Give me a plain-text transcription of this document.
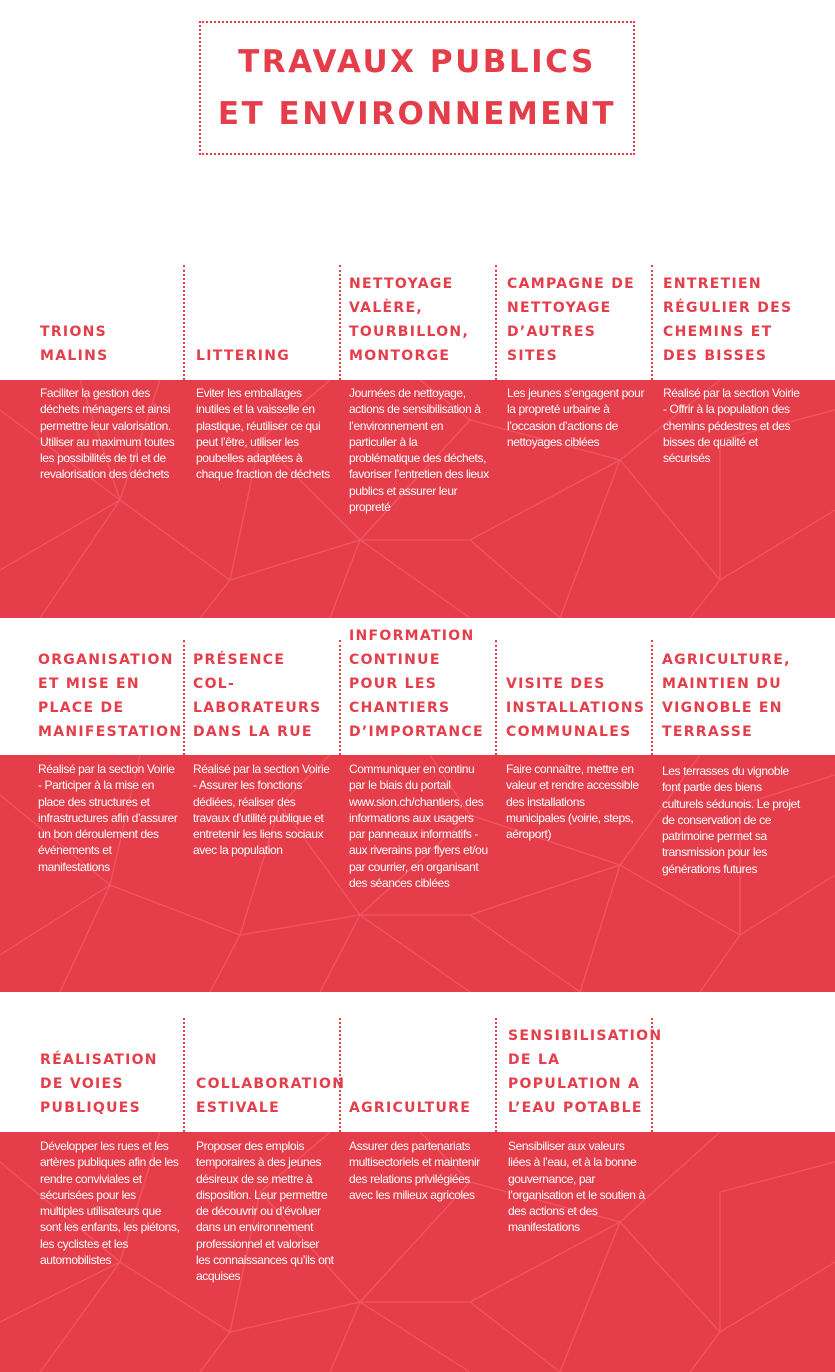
TRAVAUX PUBLICS
ET ENVIRONNEMENT
TRIONS MALINS	LITTERING
NETTOYAGE VALÈRE, TOURBILLON, MONTORGE
CAMPAGNE DE NETTOYAGE D’AUTRES SITES
ENTRETIEN RÉGULIER DES CHEMINS ET DES BISSES
Faciliter la gestion des déchets ménagers et ainsi permettre leur valorisation. Utiliser au maximum toutes les possibilités de tri et de revalorisation des déchets
Eviter les emballages inutiles et la vaisselle en plastique, réutiliser ce qui peut l’être, utiliser les poubelles adaptées à chaque fraction de déchets
Journées de nettoyage, actions de sensibilisation à l’environnement en particulier à la problématique des déchets, favoriser l’entretien des lieux publics et assurer leur propreté
Les jeunes s’engagent pour la propreté urbaine à l’occasion d’actions de nettoyages ciblées
Réalisé par la section Voirie - Offrir à la population des chemins pédestres et des bisses de qualité et sécurisés
ORGANISATION ET MISE EN PLACE DE MANIFESTATION
PRÉSENCE COL- LABORATEURS DANS LA RUE
INFORMATION CONTINUE POUR LES CHANTIERS D’IMPORTANCE
VISITE DES INSTALLATIONS COMMUNALES
AGRICULTURE, MAINTIEN DU VIGNOBLE EN TERRASSE
Réalisé par la section Voirie - Participer à la mise en place des structures et infrastructures afin d’assurer un bon déroulement des événements et manifestations
Réalisé par la section Voirie - Assurer les fonctions dédiées, réaliser des travaux d’utilité publique et entretenir les liens sociaux avec la population
Communiquer en continu par le biais du portail www.sion.ch/chantiers, des informations aux usagers par panneaux informatifs - aux riverains par flyers et/ou par courrier, en organisant des séances ciblées
Faire connaître, mettre en valeur et rendre accessible des installations municipales (voirie, steps, aéroport)
Les terrasses du vignoble font partie des biens culturels sédunois. Le projet de conservation de ce patrimoine permet sa transmission pour les générations futures
RÉALISATION DE VOIES PUBLIQUES
COLLABORATION ESTIVALE	AGRICULTURE
SENSIBILISATION DE LA POPULATION A L’EAU POTABLE
Développer les rues et les artères publiques afin de les rendre conviviales et sécurisées pour les multiples utilisateurs que sont les enfants, les piétons, les cyclistes et les automobilistes
Proposer des emplois temporaires à des jeunes désireux de se mettre à disposition. Leur permettre de découvrir ou d’évoluer dans un environnement professionnel et valoriser les connaissances qu’ils ont acquises
Assurer des partenariats multisectoriels et maintenir des relations privilégiées avec les milieux agricoles
Sensibiliser aux valeurs liées à l’eau, et à la bonne gouvernance, par l’organisation et le soutien à des actions et des manifestations
